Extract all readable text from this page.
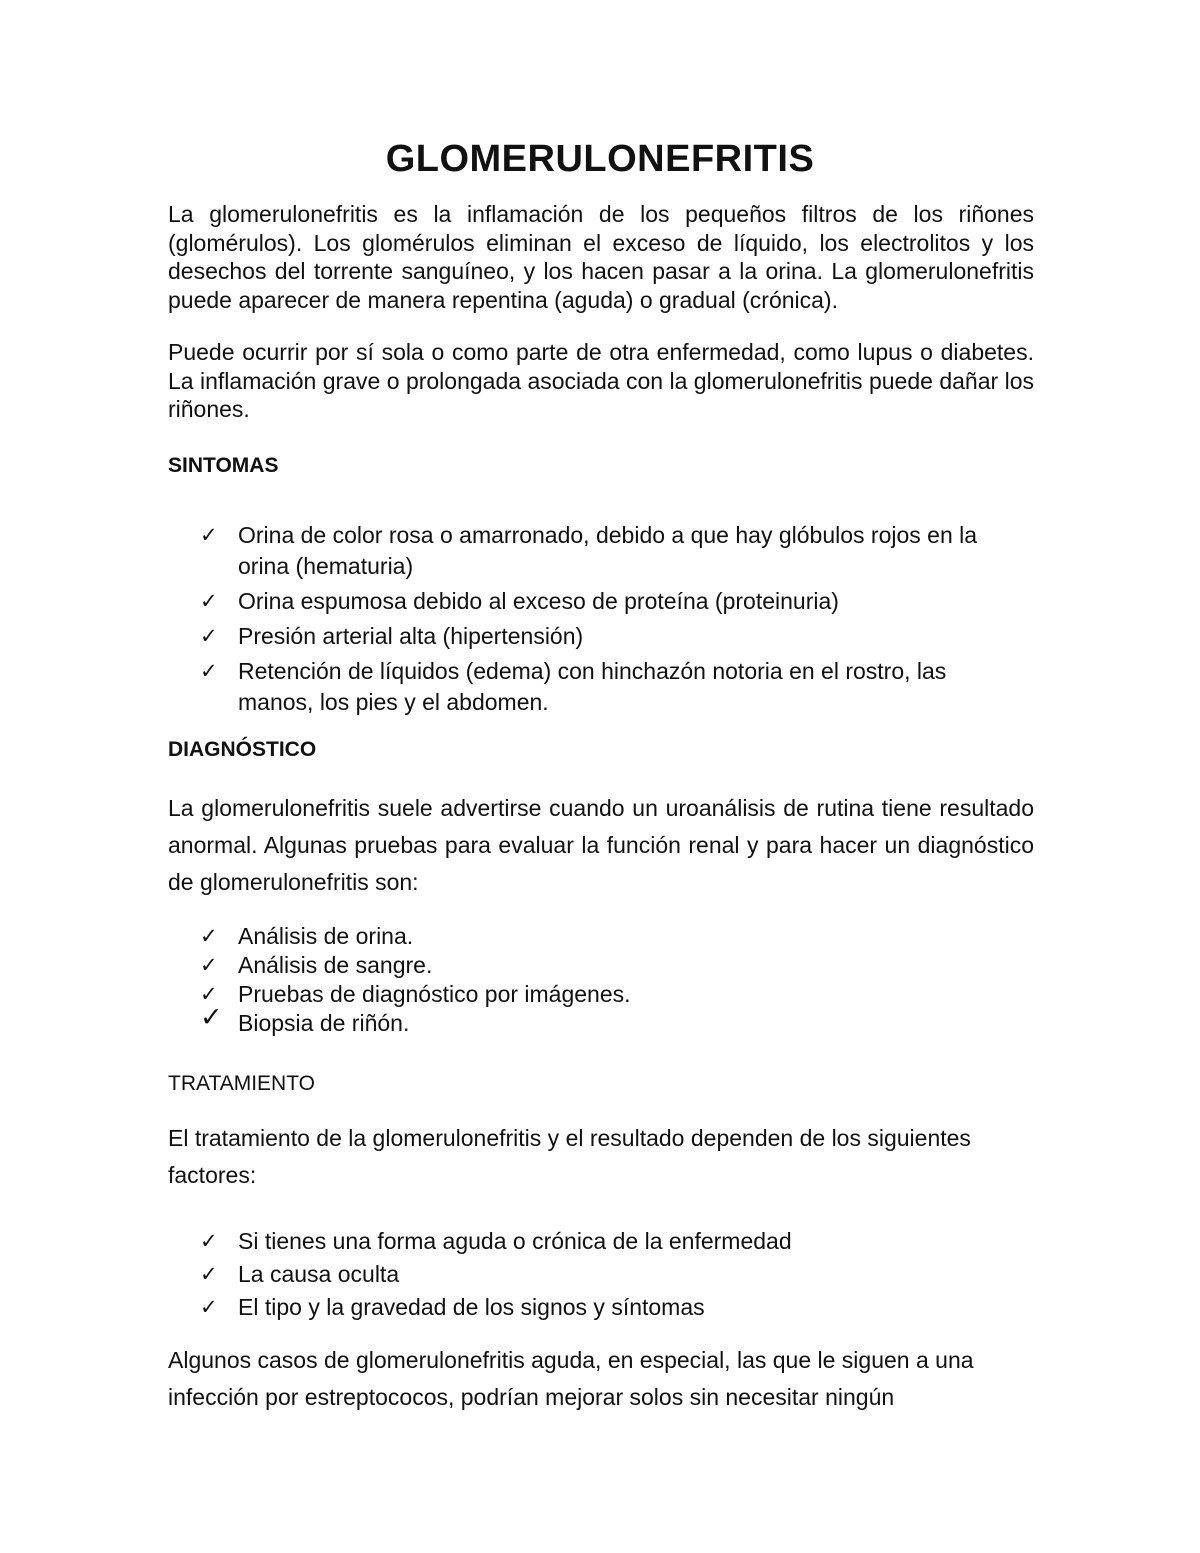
GLOMERULONEFRITIS

La glomerulonefritis es la inflamación de los pequeños filtros de los riñones (glomérulos). Los glomérulos eliminan el exceso de líquido, los electrolitos y los desechos del torrente sanguíneo, y los hacen pasar a la orina. La glomerulonefritis puede aparecer de manera repentina (aguda) o gradual (crónica).

Puede ocurrir por sí sola o como parte de otra enfermedad, como lupus o diabetes. La inflamación grave o prolongada asociada con la glomerulonefritis puede dañar los riñones.

SINTOMAS
✓ Orina de color rosa o amarronado, debido a que hay glóbulos rojos en la orina (hematuria)
✓ Orina espumosa debido al exceso de proteína (proteinuria)
✓ Presión arterial alta (hipertensión)
✓ Retención de líquidos (edema) con hinchazón notoria en el rostro, las manos, los pies y el abdomen.
DIAGNÓSTICO

La glomerulonefritis suele advertirse cuando un uroanálisis de rutina tiene resultado anormal. Algunas pruebas para evaluar la función renal y para hacer un diagnóstico de glomerulonefritis son:

✓ Análisis de orina.
✓ Análisis de sangre.
✓ Pruebas de diagnóstico por imágenes.
✓ Biopsia de riñón.
TRATAMIENTO

El tratamiento de la glomerulonefritis y el resultado dependen de los siguientes factores:

✓ Si tienes una forma aguda o crónica de la enfermedad
✓ La causa oculta
✓ El tipo y la gravedad de los signos y síntomas

Algunos casos de glomerulonefritis aguda, en especial, las que le siguen a una infección por estreptococos, podrían mejorar solos sin necesitar ningún
